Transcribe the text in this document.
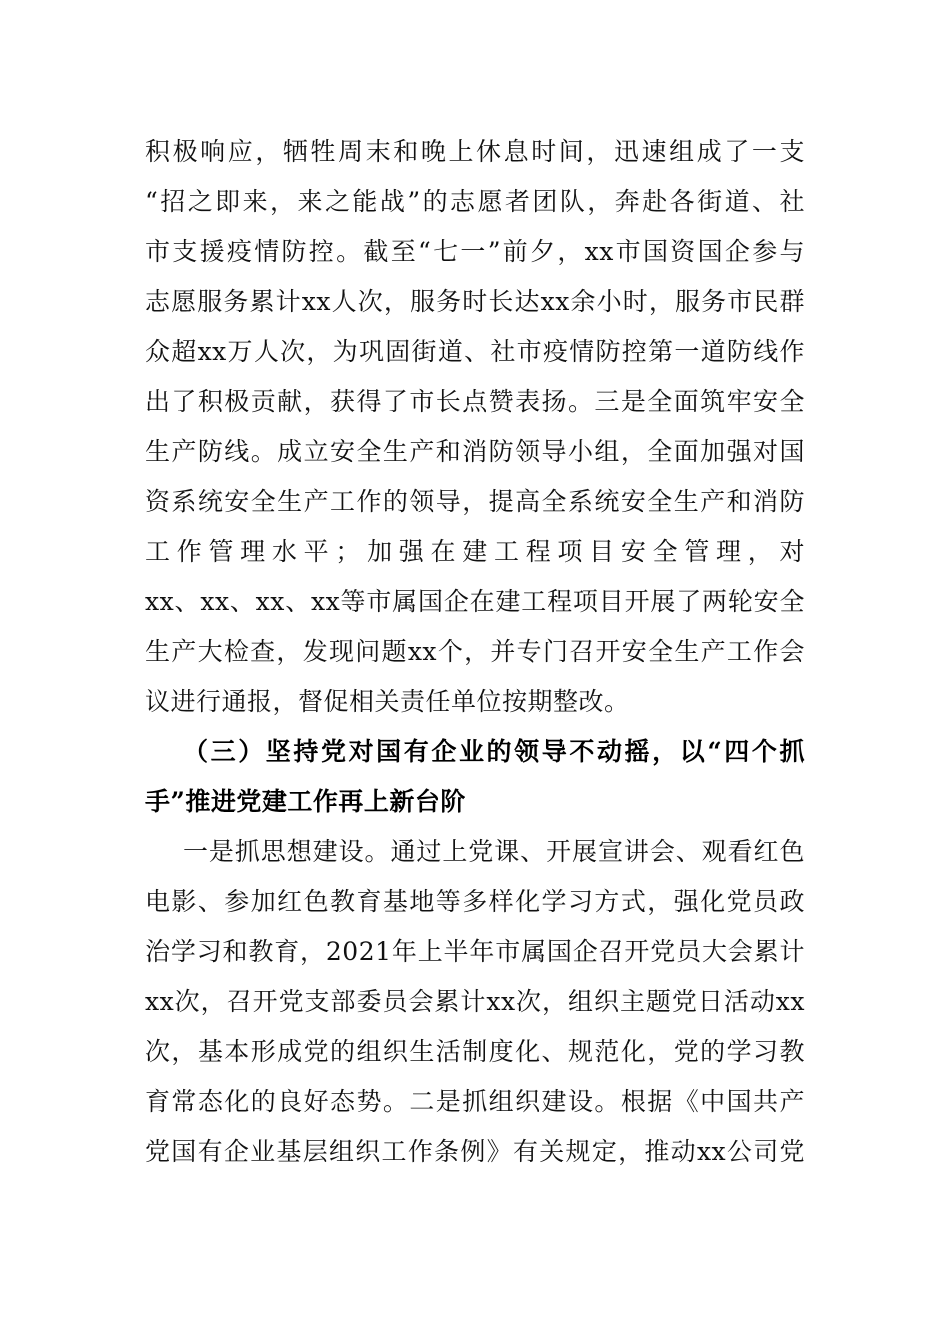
积极响应，牺牲周末和晚上休息时间，迅速组成了一支
“招之即来，来之能战”的志愿者团队，奔赴各街道、社
市支援疫情防控。截至“七一”前夕，xx市国资国企参与
志愿服务累计xx人次，服务时长达xx余小时，服务市民群
众超xx万人次，为巩固街道、社市疫情防控第一道防线作
出了积极贡献，获得了市长点赞表扬。三是全面筑牢安全
生产防线。成立安全生产和消防领导小组，全面加强对国
资系统安全生产工作的领导，提高全系统安全生产和消防
工作管理水平；加强在建工程项目安全管理，对
xx、xx、xx、xx等市属国企在建工程项目开展了两轮安全
生产大检查，发现问题xx个，并专门召开安全生产工作会
议进行通报，督促相关责任单位按期整改。
（三）坚持党对国有企业的领导不动摇，以“四个抓
手”推进党建工作再上新台阶
一是抓思想建设。通过上党课、开展宣讲会、观看红色
电影、参加红色教育基地等多样化学习方式，强化党员政
治学习和教育，2021年上半年市属国企召开党员大会累计
xx次，召开党支部委员会累计xx次，组织主题党日活动xx
次，基本形成党的组织生活制度化、规范化，党的学习教
育常态化的良好态势。二是抓组织建设。根据《中国共产
党国有企业基层组织工作条例》有关规定，推动xx公司党
